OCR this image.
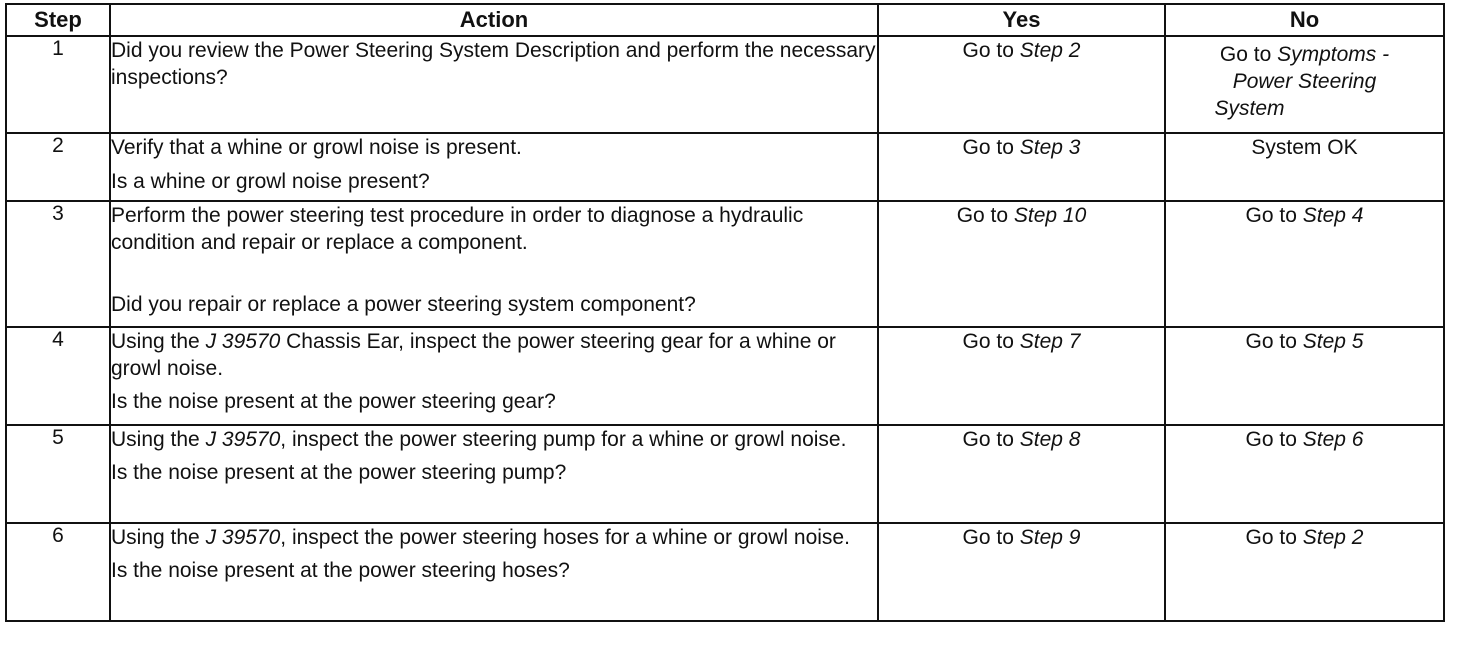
Step	Action	Yes	No
1	Did you review the Power Steering System Description and perform the necessary inspections?	Go to Step 2	Go to Symptoms -
Power Steering
System
2	Verify that a whine or growl noise is present.

Is a whine or growl noise present?	Go to Step 3	System OK
3	Perform the power steering test procedure in order to diagnose a hydraulic condition and repair or replace a component.

Did you repair or replace a power steering system component?	Go to Step 10	Go to Step 4
4	Using the J 39570 Chassis Ear, inspect the power steering gear for a whine or growl noise.

Is the noise present at the power steering gear?	Go to Step 7	Go to Step 5
5	Using the J 39570, inspect the power steering pump for a whine or growl noise.

Is the noise present at the power steering pump?	Go to Step 8	Go to Step 6
6	Using the J 39570, inspect the power steering hoses for a whine or growl noise.

Is the noise present at the power steering hoses?	Go to Step 9	Go to Step 2
